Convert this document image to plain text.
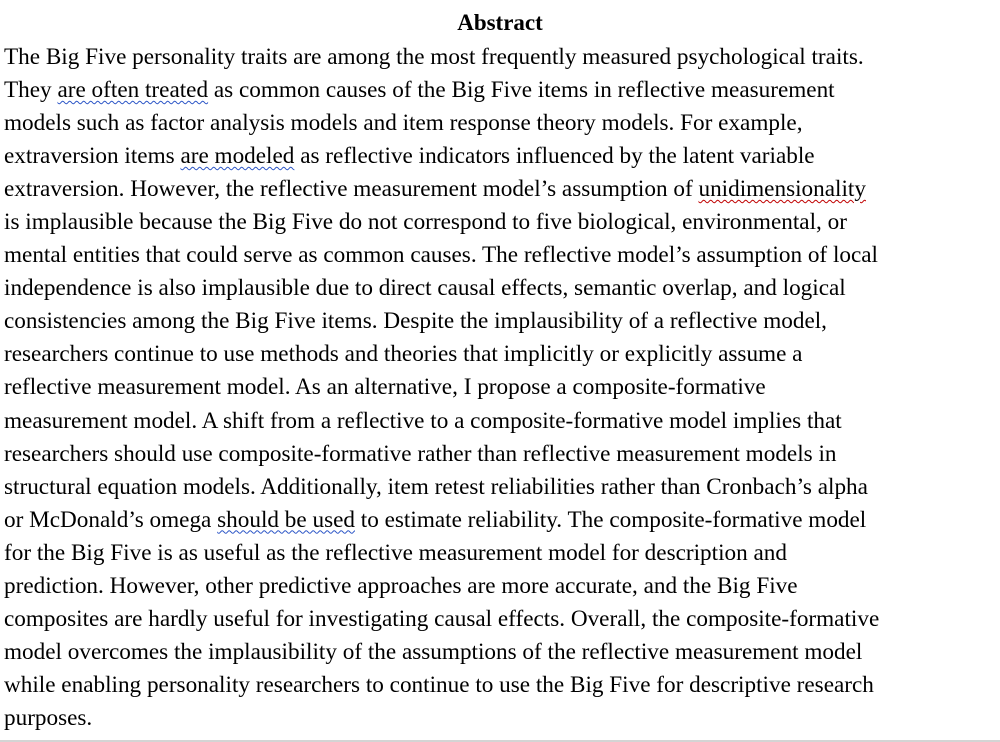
Abstract
The Big Five personality traits are among the most frequently measured psychological traits.
They are often treated as common causes of the Big Five items in reflective measurement
models such as factor analysis models and item response theory models. For example,
extraversion items are modeled as reflective indicators influenced by the latent variable
extraversion. However, the reflective measurement model’s assumption of unidimensionality
is implausible because the Big Five do not correspond to five biological, environmental, or
mental entities that could serve as common causes. The reflective model’s assumption of local
independence is also implausible due to direct causal effects, semantic overlap, and logical
consistencies among the Big Five items. Despite the implausibility of a reflective model,
researchers continue to use methods and theories that implicitly or explicitly assume a
reflective measurement model. As an alternative, I propose a composite-formative
measurement model. A shift from a reflective to a composite-formative model implies that
researchers should use composite-formative rather than reflective measurement models in
structural equation models. Additionally, item retest reliabilities rather than Cronbach’s alpha
or McDonald’s omega should be used to estimate reliability. The composite-formative model
for the Big Five is as useful as the reflective measurement model for description and
prediction. However, other predictive approaches are more accurate, and the Big Five
composites are hardly useful for investigating causal effects. Overall, the composite-formative
model overcomes the implausibility of the assumptions of the reflective measurement model
while enabling personality researchers to continue to use the Big Five for descriptive research
purposes.
